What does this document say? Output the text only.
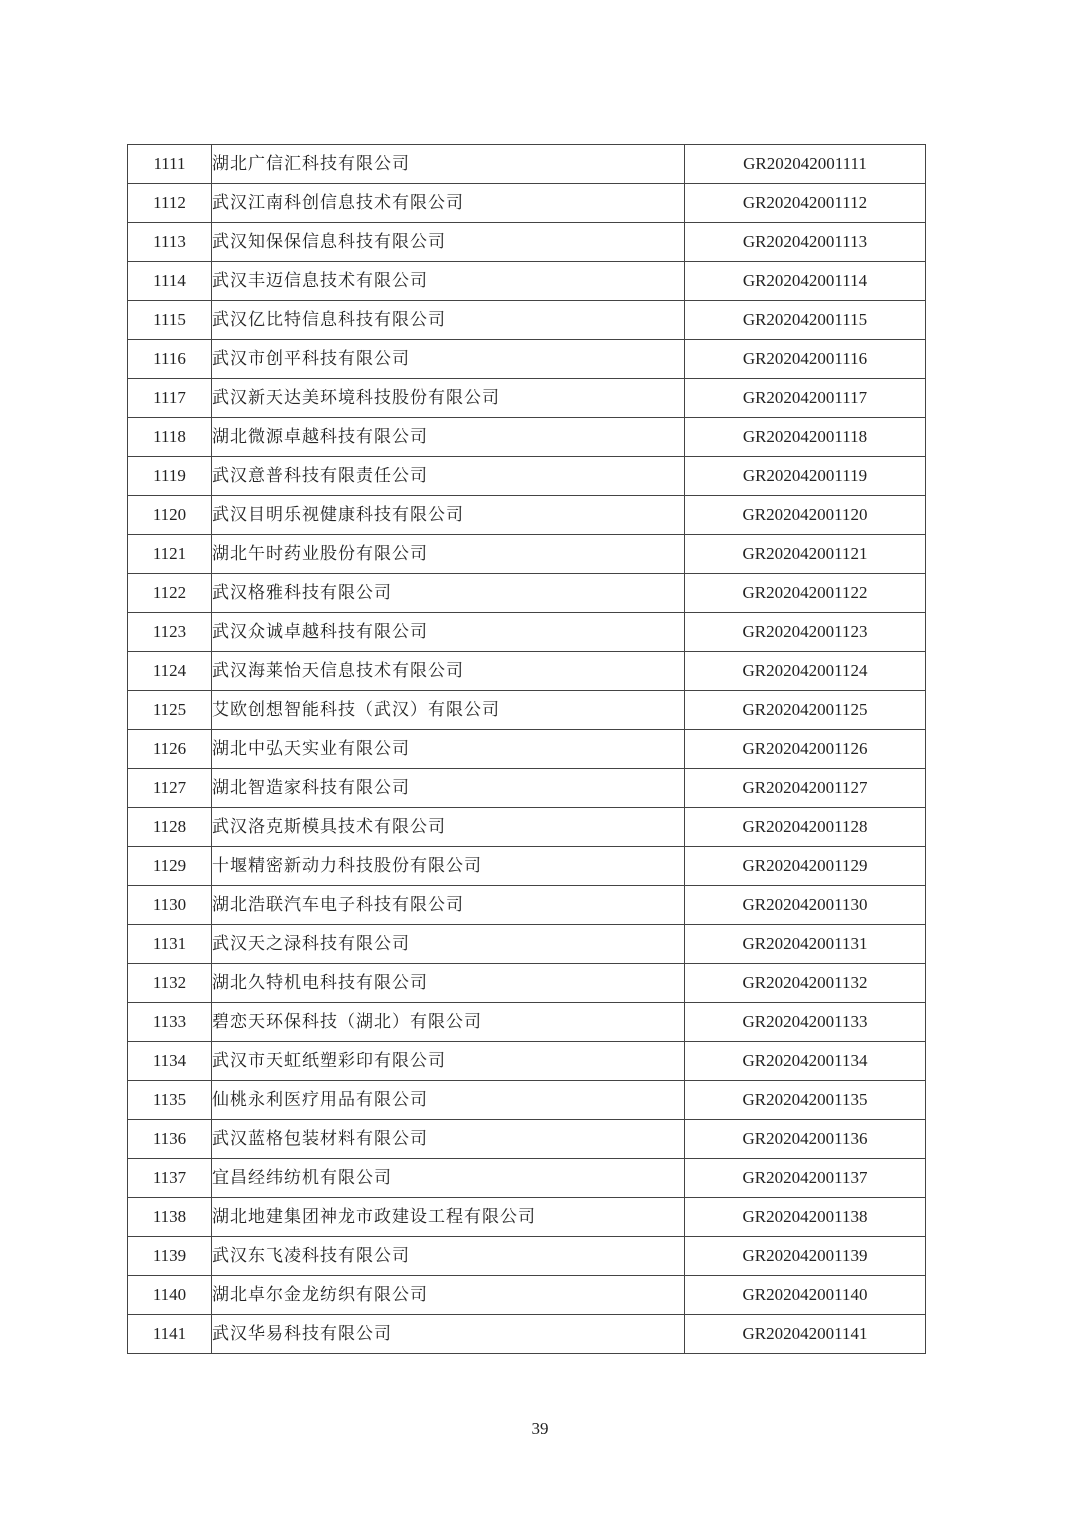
1111	湖北广信汇科技有限公司	GR202042001111
1112	武汉江南科创信息技术有限公司	GR202042001112
1113	武汉知保保信息科技有限公司	GR202042001113
1114	武汉丰迈信息技术有限公司	GR202042001114
1115	武汉亿比特信息科技有限公司	GR202042001115
1116	武汉市创平科技有限公司	GR202042001116
1117	武汉新天达美环境科技股份有限公司	GR202042001117
1118	湖北微源卓越科技有限公司	GR202042001118
1119	武汉意普科技有限责任公司	GR202042001119
1120	武汉目明乐视健康科技有限公司	GR202042001120
1121	湖北午时药业股份有限公司	GR202042001121
1122	武汉格雅科技有限公司	GR202042001122
1123	武汉众诚卓越科技有限公司	GR202042001123
1124	武汉海莱怡天信息技术有限公司	GR202042001124
1125	艾欧创想智能科技（武汉）有限公司	GR202042001125
1126	湖北中弘天实业有限公司	GR202042001126
1127	湖北智造家科技有限公司	GR202042001127
1128	武汉洛克斯模具技术有限公司	GR202042001128
1129	十堰精密新动力科技股份有限公司	GR202042001129
1130	湖北浩联汽车电子科技有限公司	GR202042001130
1131	武汉天之渌科技有限公司	GR202042001131
1132	湖北久特机电科技有限公司	GR202042001132
1133	碧恋天环保科技（湖北）有限公司	GR202042001133
1134	武汉市天虹纸塑彩印有限公司	GR202042001134
1135	仙桃永利医疗用品有限公司	GR202042001135
1136	武汉蓝格包装材料有限公司	GR202042001136
1137	宜昌经纬纺机有限公司	GR202042001137
1138	湖北地建集团神龙市政建设工程有限公司	GR202042001138
1139	武汉东飞凌科技有限公司	GR202042001139
1140	湖北卓尔金龙纺织有限公司	GR202042001140
1141	武汉华易科技有限公司	GR202042001141
39
